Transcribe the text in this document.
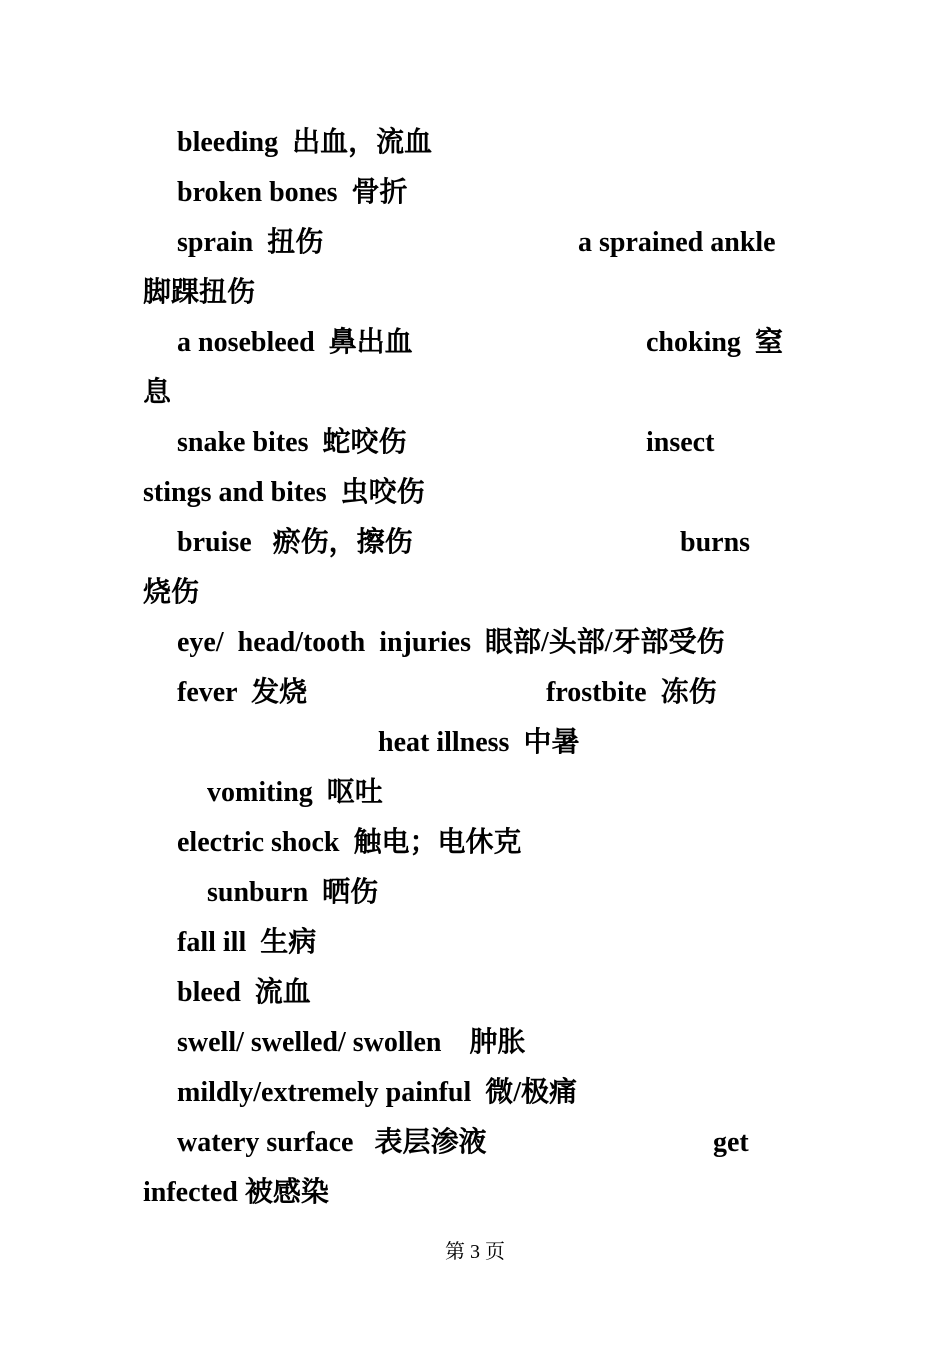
bleeding  出血，流血
broken bones  骨折
sprain  扭伤	a sprained ankle
脚踝扭伤
a nosebleed  鼻出血	choking  窒
息
snake bites  蛇咬伤	insect
stings and bites  虫咬伤
bruise   瘀伤，擦伤	burns
烧伤
eye/  head/tooth  injuries  眼部/头部/牙部受伤
fever  发烧	frostbite  冻伤
heat illness  中暑
vomiting  呕吐
electric shock  触电；电休克
sunburn  晒伤
fall ill  生病
bleed  流血
swell/ swelled/ swollen    肿胀
mildly/extremely painful  微/极痛
watery surface   表层渗液	get
infected 被感染
第 3 页
